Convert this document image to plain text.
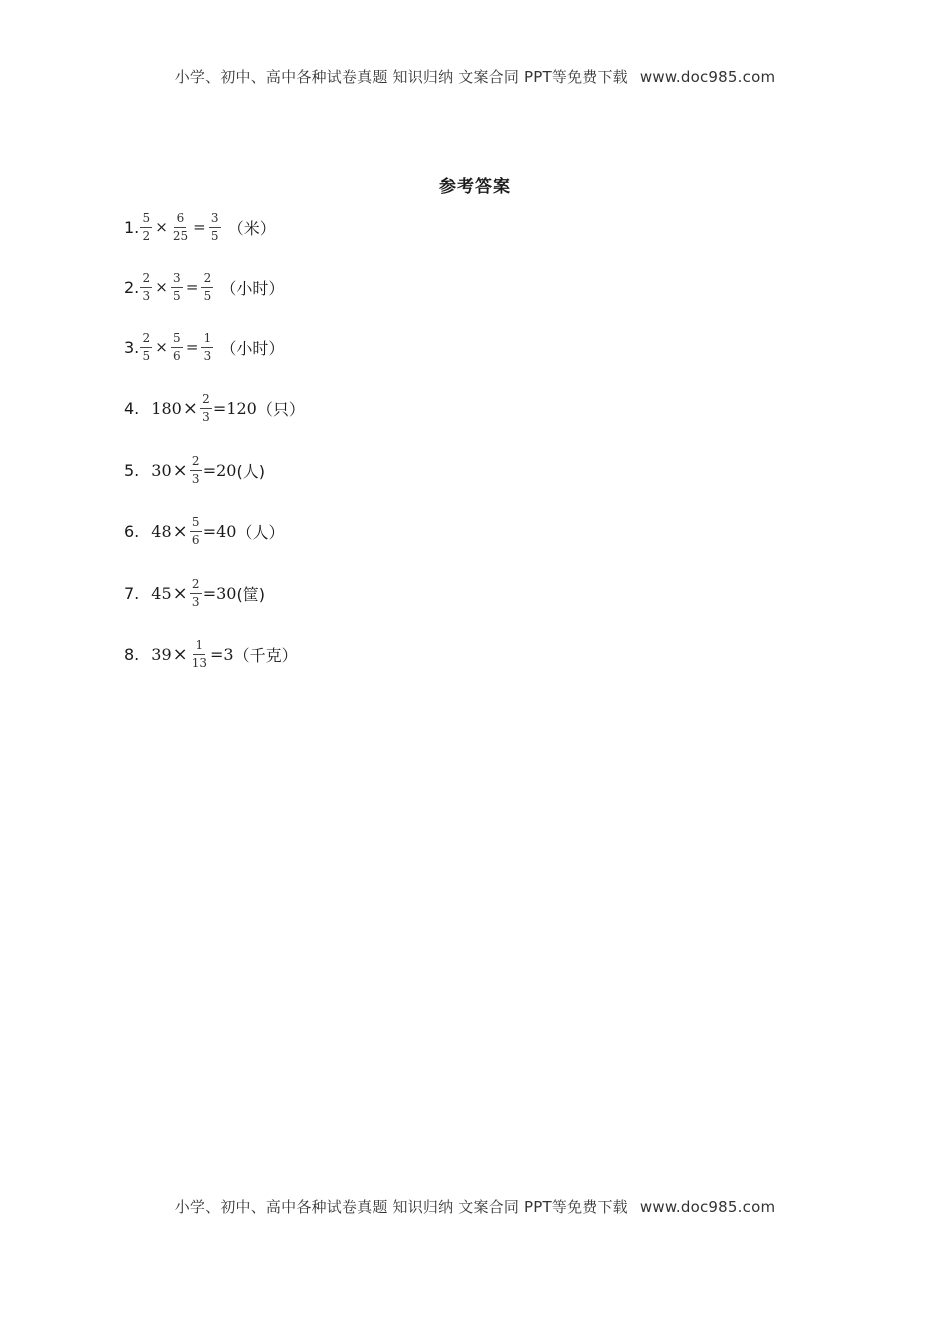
小学、初中、高中各种试卷真题 知识归纳 文案合同 PPT等免费下载 www.doc985.com
参考答案
1. $\frac{5}{2} \times \frac{6}{25} = \frac{3}{5}$ （米）
2. $\frac{2}{3} \times \frac{3}{5} = \frac{2}{5}$ （小时）
3. $\frac{2}{5} \times \frac{5}{6} = \frac{1}{3}$ （小时）
4. $180 \times \frac{2}{3} =120$ （只）
5. $30 \times \frac{2}{3} =20$ (人)
6. $48 \times \frac{5}{6} =40$ （人）
7. $45 \times \frac{2}{3} =30$ (筐)
8. $39 \times \frac{1}{13} =3$ （千克）
小学、初中、高中各种试卷真题 知识归纳 文案合同 PPT等免费下载 www.doc985.com
